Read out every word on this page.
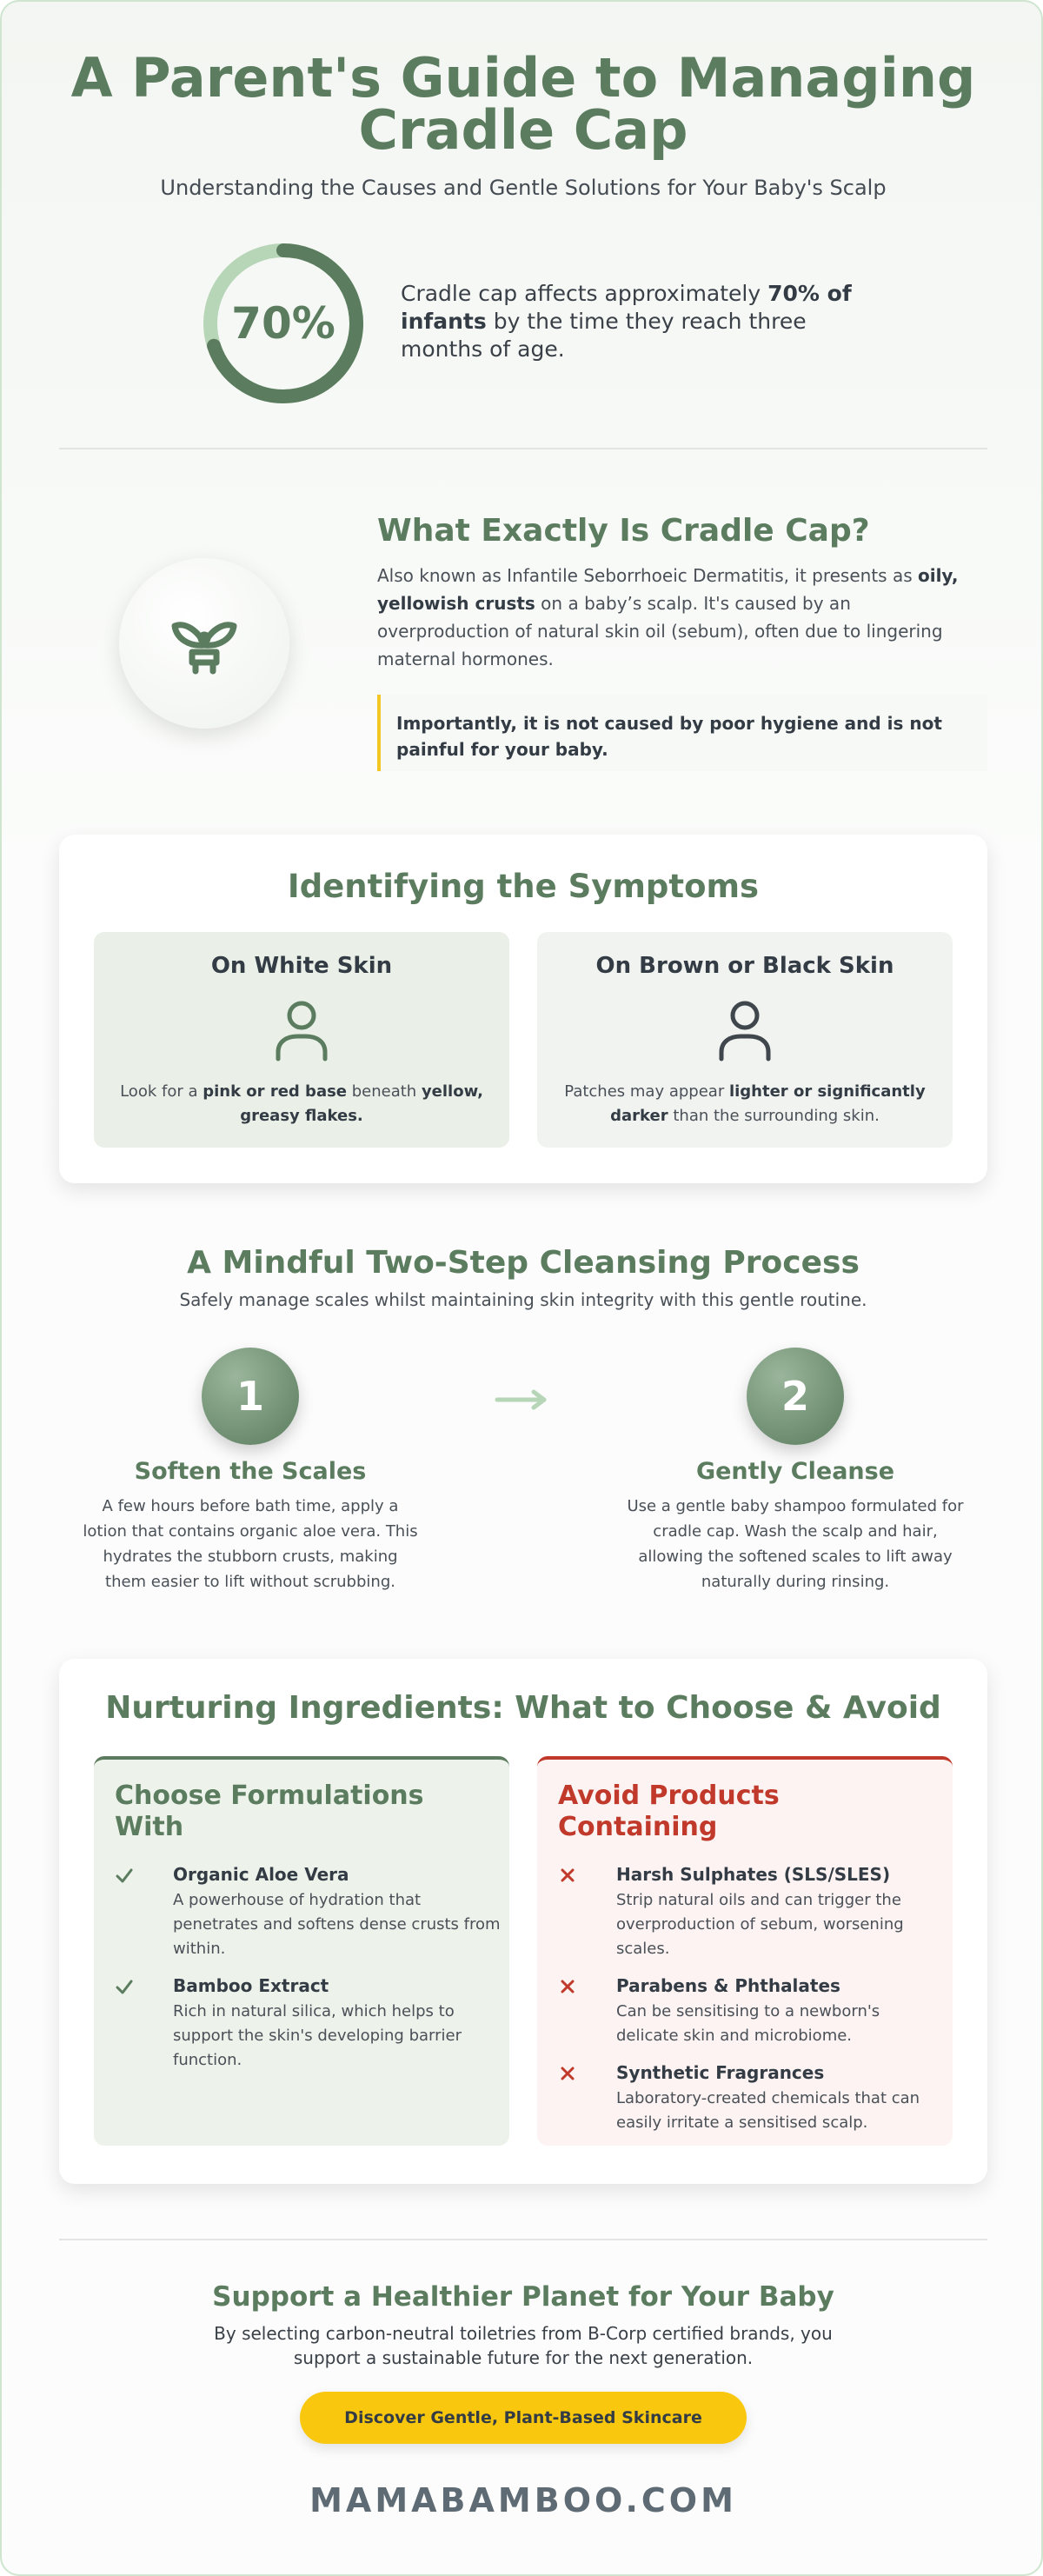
A Parent's Guide to Managing Cradle Cap

Understanding the Causes and Gentle Solutions for Your Baby's Scalp

70%

Cradle cap affects approximately 70% of infants by the time they reach three months of age.

What Exactly Is Cradle Cap?

Also known as Infantile Seborrhoeic Dermatitis, it presents as oily, yellowish crusts on a baby’s scalp. It's caused by an overproduction of natural skin oil (sebum), often due to lingering maternal hormones.

Importantly, it is not caused by poor hygiene and is not painful for your baby.
Identifying the Symptoms
On White Skin

Look for a pink or red base beneath yellow, greasy flakes.

On Brown or Black Skin

Patches may appear lighter or significantly darker than the surrounding skin.

A Mindful Two-Step Cleansing Process

Safely manage scales whilst maintaining skin integrity with this gentle routine.

1
Soften the Scales

A few hours before bath time, apply a lotion that contains organic aloe vera. This hydrates the stubborn crusts, making them easier to lift without scrubbing.

2
Gently Cleanse

Use a gentle baby shampoo formulated for cradle cap. Wash the scalp and hair, allowing the softened scales to lift away naturally during rinsing.

Nurturing Ingredients: What to Choose & Avoid
Choose Formulations With
Organic Aloe Vera
A powerhouse of hydration that penetrates and softens dense crusts from within.
Bamboo Extract
Rich in natural silica, which helps to support the skin's developing barrier function.
Avoid Products Containing
Harsh Sulphates (SLS/SLES)
Strip natural oils and can trigger the overproduction of sebum, worsening scales.
Parabens & Phthalates
Can be sensitising to a newborn's delicate skin and microbiome.
Synthetic Fragrances
Laboratory-created chemicals that can easily irritate a sensitised scalp.
Support a Healthier Planet for Your Baby

By selecting carbon-neutral toiletries from B-Corp certified brands, you support a sustainable future for the next generation.

Discover Gentle, Plant-Based Skincare
MAMABAMBOO.COM
